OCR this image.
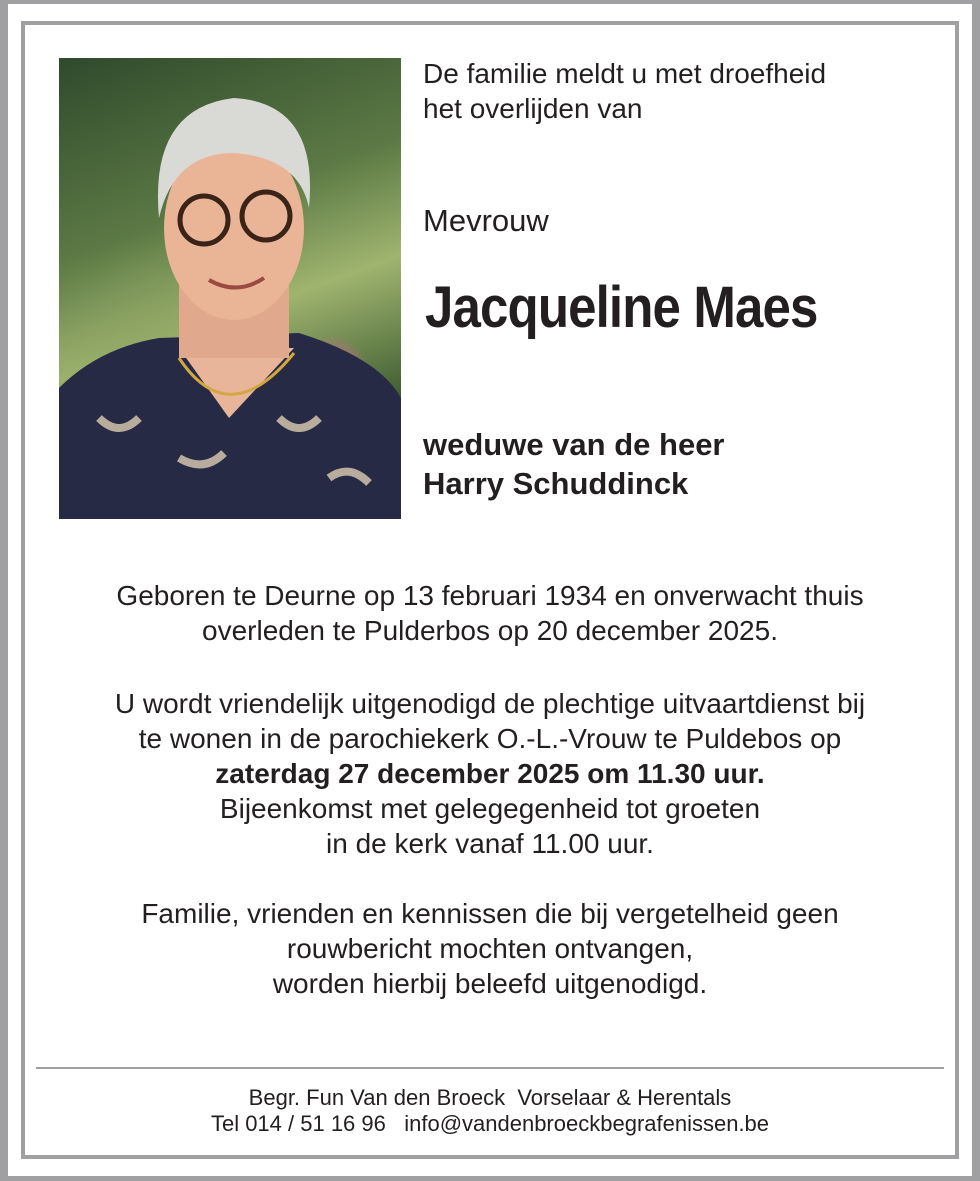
De familie meldt u met droefheid
het overlijden van
Mevrouw
Jacqueline Maes
weduwe van de heer
Harry Schuddinck
Geboren te Deurne op 13 februari 1934 en onverwacht thuis
overleden te Pulderbos op 20 december 2025.
U wordt vriendelijk uitgenodigd de plechtige uitvaartdienst bij
te wonen in de parochiekerk O.-L.-Vrouw te Puldebos op
zaterdag 27 december 2025 om 11.30 uur.
Bijeenkomst met gelegegenheid tot groeten
in de kerk vanaf 11.00 uur.
Familie, vrienden en kennissen die bij vergetelheid geen
rouwbericht mochten ontvangen,
worden hierbij beleefd uitgenodigd.
Begr. Fun Van den Broeck  Vorselaar & Herentals
Tel 014 / 51 16 96 info@vandenbroeckbegrafenissen.be
